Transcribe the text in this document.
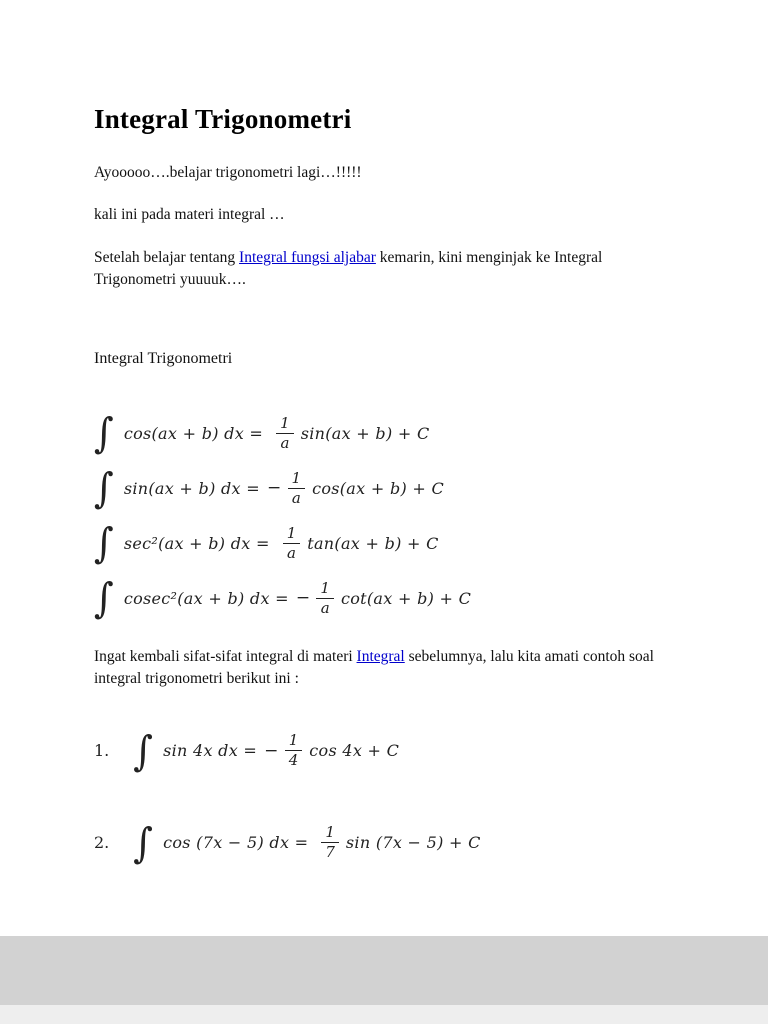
Integral Trigonometri

Ayooooo….belajar trigonometri lagi…!!!!!

kali ini pada materi integral …

Setelah belajar tentang Integral fungsi aljabar kemarin, kini menginjak ke Integral Trigonometri yuuuuk….

Integral Trigonometri

∫ cos(ax + b) dx = $\frac{1}{a} \sin(ax + b) + C$
∫ sin(ax + b) dx = − $\frac{1}{a} \cos(ax + b) + C$
∫ sec²(ax + b) dx = $\frac{1}{a} \tan(ax + b) + C$
∫ cosec²(ax + b) dx = − $\frac{1}{a} \cot(ax + b) + C$

Ingat kembali sifat-sifat integral di materi Integral sebelumnya, lalu kita amati contoh soal integral trigonometri berikut ini :

1. ∫ sin 4x dx = − $\frac{1}{4}$ cos 4x + C
2. ∫ cos (7x − 5) dx = $\frac{1}{7}$ sin (7x − 5) + C
